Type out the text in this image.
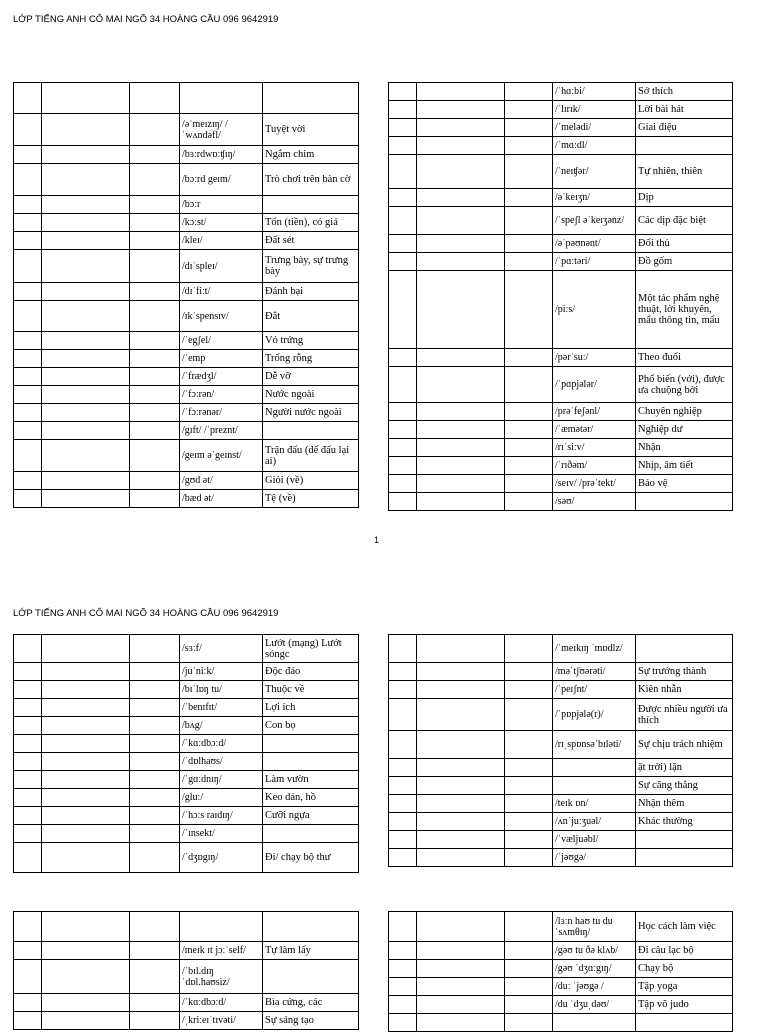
LỚP TIẾNG ANH CÔ MAI NGÕ 34 HOÀNG CẦU 096 9642919
LỚP TIẾNG ANH CÔ MAI NGÕ 34 HOÀNG CẦU 096 9642919
1

			/əˈmeɪzɪŋ/ /ˈwʌndəfl/	Tuyệt vời
			/bɜːrdwɒːʧɪŋ/	Ngắm chim
			/bɔːrd geɪm/	Trò chơi trên bàn cờ
			/bɔːr	
			/kɔːst/	Tốn (tiền), có giá
			/kleɪ/	Đất sét
			/dɪˈspleɪ/	Trưng bày, sự trưng bày
			/dɪˈfiːt/	Đánh bại
			/ɪkˈspensɪv/	Đắt
			/ˈegʃel/	Vỏ trứng
			/ˈemp	Trống rỗng
			/ˈfrædʒl/	Dễ vỡ
			/ˈfɔːrən/	Nước ngoài
			/ˈfɔːrənər/	Người nước ngoài
			/gɪft/ /ˈpreznt/	
			/geɪm əˈgeɪnst/	Trận đấu (để đấu lại ai)
			/gʊd ət/	Giỏi (về)
			/bæd ət/	Tệ (về)
			/ˈhɑːbi/	Sở thích
			/ˈlɪrɪk/	Lời bài hát
			/ˈmelədi/	Giai điệu
			/ˈmɑːdl/	
			/ˈneɪʧər/	Tự nhiên, thiên
			/əˈkeɪʒn/	Dịp
			/ˈspeʃl əˈkeɪʒənz/	Các dịp đặc biệt
			/əˈpəʊnənt/	Đối thủ
			/ˈpɑːtəri/	Đồ gốm
			/piːs/	Một tác phẩm nghệ thuật, lời khuyên, mẩu thông tin, mẩu
			/pərˈsuː/	Theo đuổi
			/ˈpɑpjələr/	Phổ biến (với), được ưa chuộng bởi
			/prəˈfeʃənl/	Chuyên nghiệp
			/ˈæmətər/	Nghiệp dư
			/rɪˈsiːv/	Nhận
			/ˈrɪðəm/	Nhịp, âm tiết
			/seɪv/ /prəˈtekt/	Bảo vệ
			/səʊ/	
			/sɜːf/	Lướt (mạng) Lướt sóngc
			/juˈniːk/	Độc đáo
			/bɪˈlɒŋ tu/	Thuộc về
			/ˈbenɪfɪt/	Lợi ích
			/bʌg/	Con bọ
			/ˈkɑːdbɔːd/	
			/ˈdɒlhaʊs/	
			/ˈgɑːdnɪŋ/	Làm vườn
			/gluː/	Keo dán, hồ
			/ˈhɔːs raɪdɪŋ/	Cưỡi ngựa
			/ˈɪnsekt/	
			/ˈdʒɒgɪŋ/	Đi/ chạy bộ thư
			/ˈmeɪkɪŋ ˈmɒdlz/	
			/məˈtʃʊərəti/	Sự trưởng thành
			/ˈpeɪʃnt/	Kiên nhẫn
			/ˈpɒpjələ(r)/	Được nhiều người ưa thích
			/rɪˌspɒnsəˈbɪləti/	Sự chịu trách nhiệm
				ặt trời) lặn
				Sự căng thẳng
			/teɪk ɒn/	Nhận thêm
			/ʌnˈjuːʒuəl/	Khác thường
			/ˈvæljuəbl/	
			/ˈjəʊgə/	

			/meɪk ɪt jɔːˈself/	Tự làm lấy
			/ˈbɪl.dɪŋ ˈdɒl.haʊsiz/	
			/ˈkɑːdbɔːd/	Bìa cứng, các
			/ˌkriːeɪˈtɪvəti/	Sự sáng tạo
			/lɜːn haʊ tu du ˈsʌmθɪŋ/	Học cách làm việc
			/gəʊ tu ðə klʌb/	Đi câu lạc bộ
			/gəʊ ˈdʒɑːgɪŋ/	Chạy bộ
			/duː ˈjəʊgə /	Tập yoga
			/du ˈdʒuˌdəʊ/	Tập võ judo
